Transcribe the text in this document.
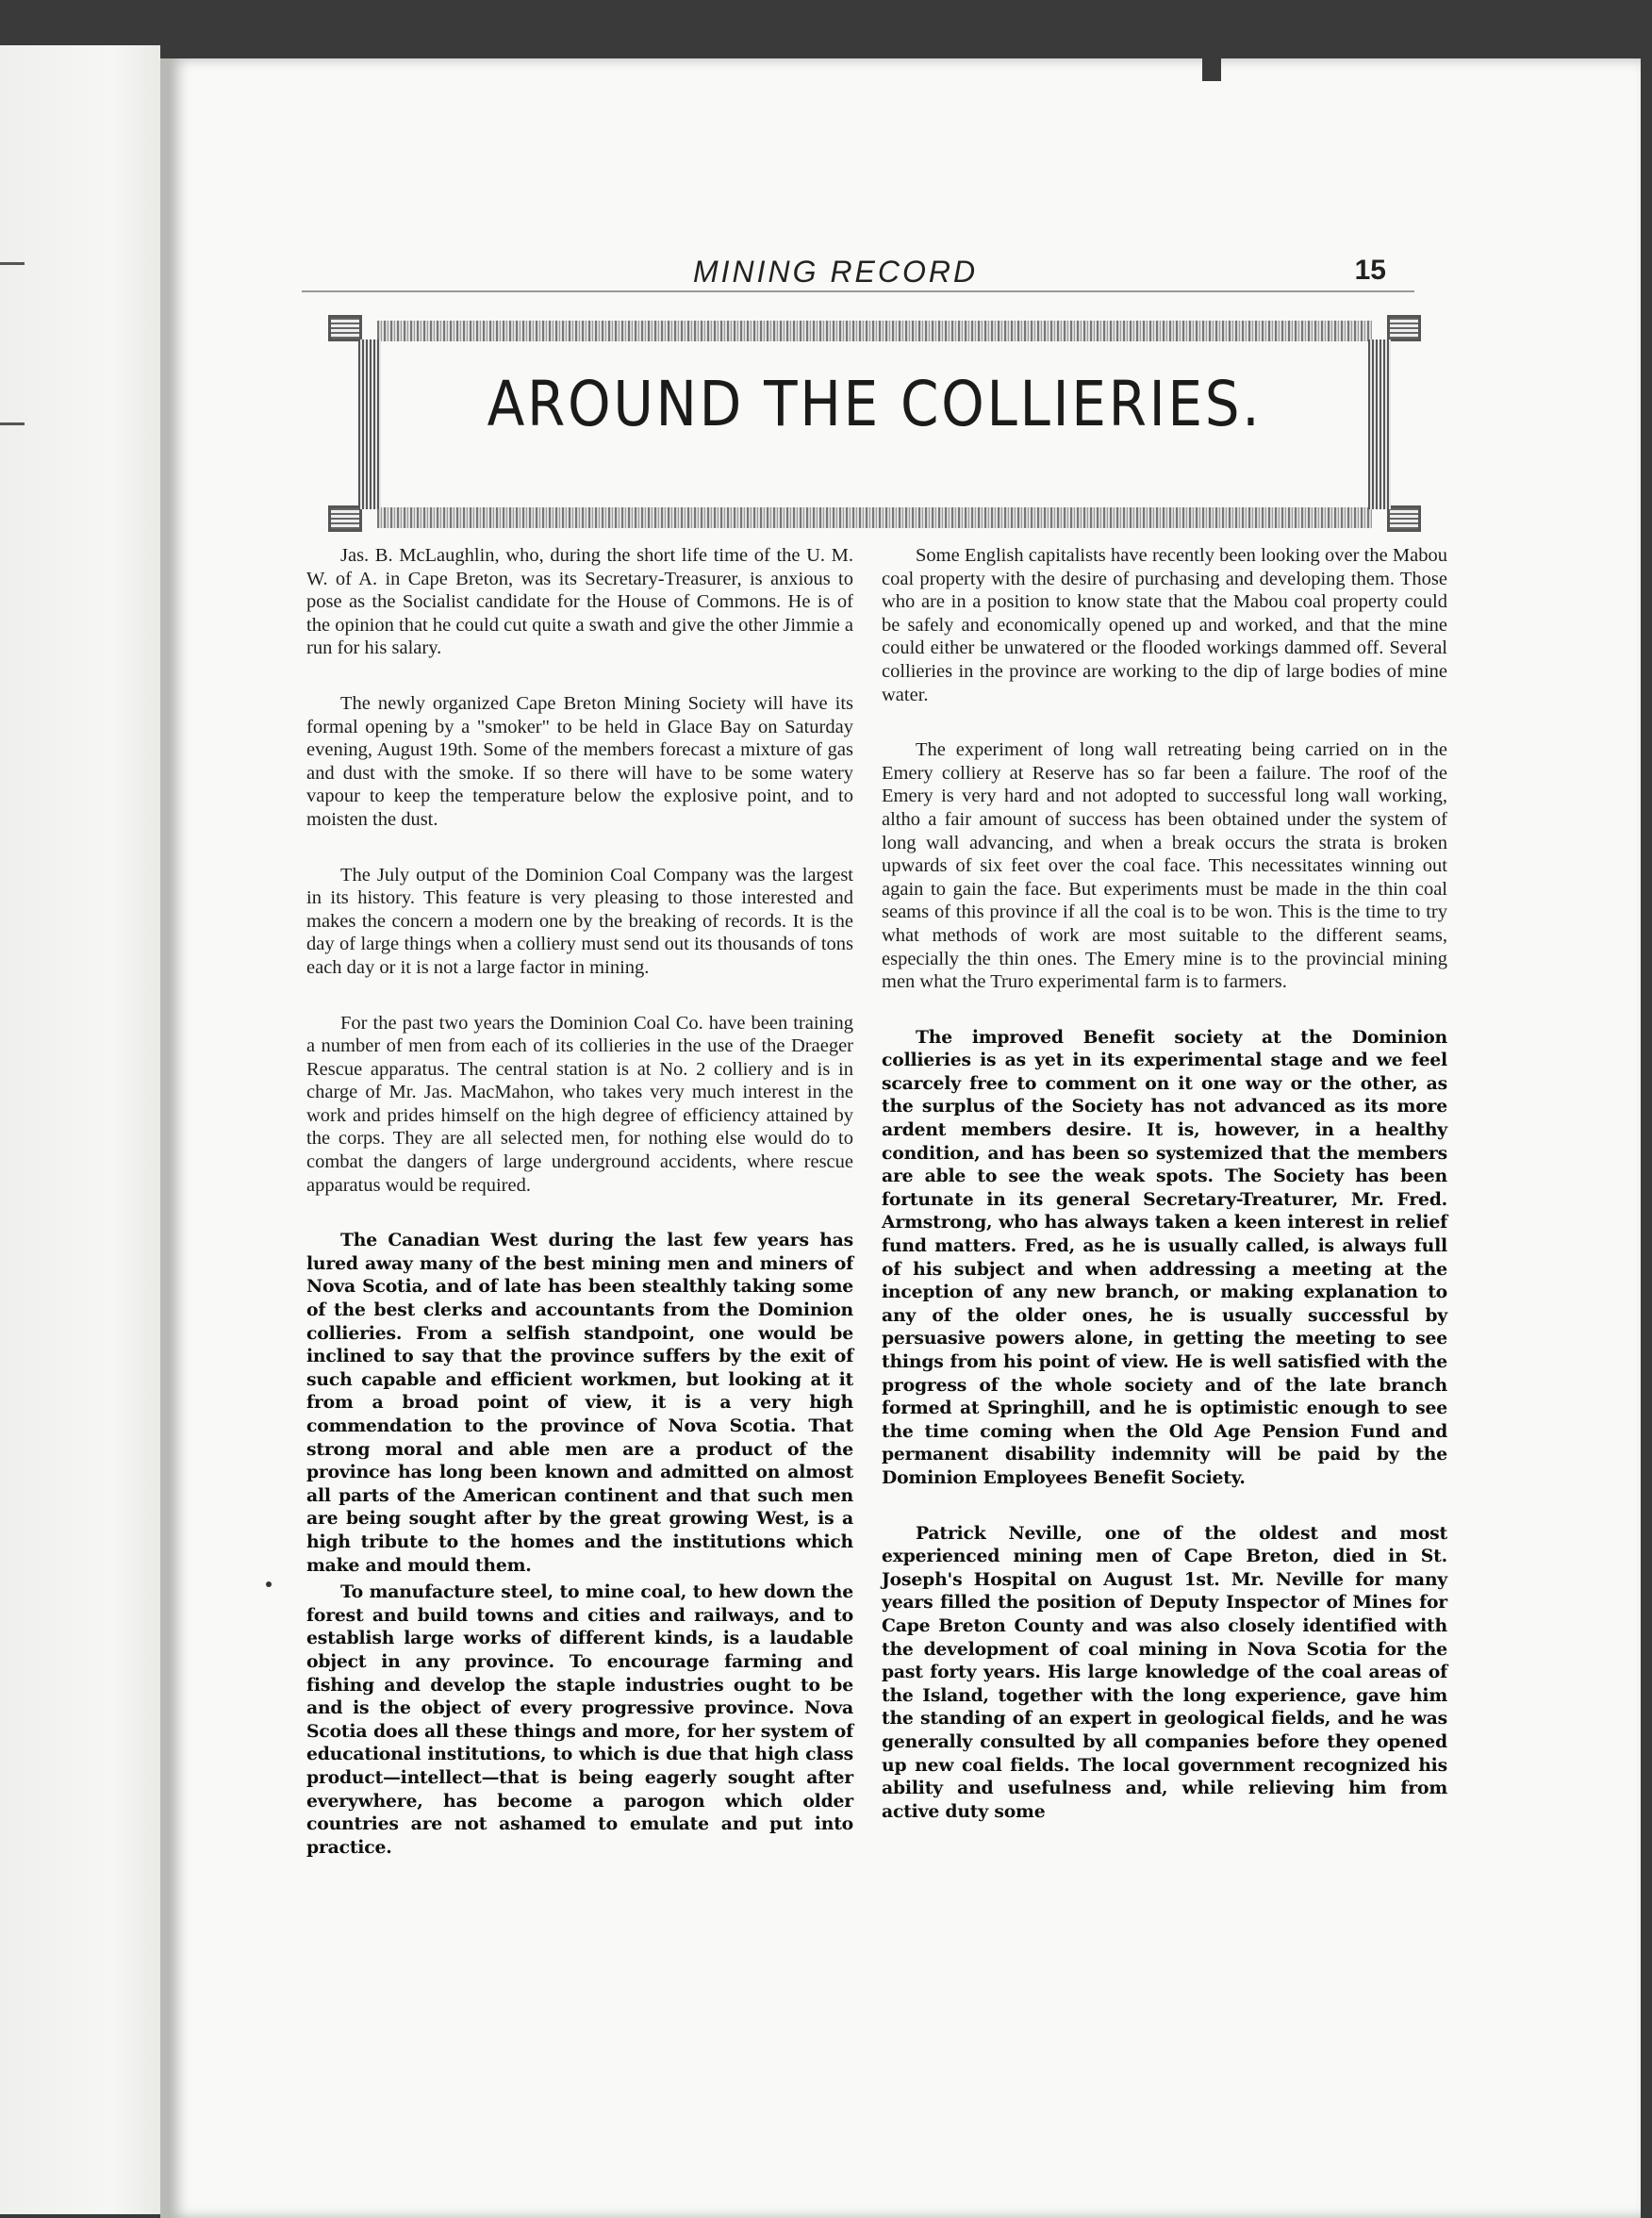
MINING RECORD	15
AROUND THE COLLIERIES.

Jas. B. McLaughlin, who, during the short life time of the U. M. W. of A. in Cape Breton, was its Secretary-Treasurer, is anxious to pose as the Socialist candidate for the House of Commons. He is of the opinion that he could cut quite a swath and give the other Jimmie a run for his salary.

The newly organized Cape Breton Mining Society will have its formal opening by a "smoker" to be held in Glace Bay on Saturday evening, August 19th. Some of the members forecast a mixture of gas and dust with the smoke. If so there will have to be some watery vapour to keep the temperature below the explosive point, and to moisten the dust.

The July output of the Dominion Coal Company was the largest in its history. This feature is very pleasing to those interested and makes the concern a modern one by the breaking of records. It is the day of large things when a colliery must send out its thousands of tons each day or it is not a large factor in mining.

For the past two years the Dominion Coal Co. have been training a number of men from each of its collieries in the use of the Draeger Rescue apparatus. The central station is at No. 2 colliery and is in charge of Mr. Jas. MacMahon, who takes very much interest in the work and prides himself on the high degree of efficiency attained by the corps. They are all selected men, for nothing else would do to combat the dangers of large underground accidents, where rescue apparatus would be required.

The Canadian West during the last few years has lured away many of the best mining men and miners of Nova Scotia, and of late has been stealthly taking some of the best clerks and accountants from the Dominion collieries. From a selfish standpoint, one would be inclined to say that the province suffers by the exit of such capable and efficient workmen, but looking at it from a broad point of view, it is a very high commendation to the province of Nova Scotia. That strong moral and able men are a product of the province has long been known and admitted on almost all parts of the American continent and that such men are being sought after by the great growing West, is a high tribute to the homes and the institutions which make and mould them.

To manufacture steel, to mine coal, to hew down the forest and build towns and cities and railways, and to establish large works of different kinds, is a laudable object in any province. To encourage farming and fishing and develop the staple industries ought to be and is the object of every progressive province. Nova Scotia does all these things and more, for her system of educational institutions, to which is due that high class product—intellect—that is being eagerly sought after everywhere, has become a parogon which older countries are not ashamed to emulate and put into practice.

Some English capitalists have recently been looking over the Mabou coal property with the desire of purchasing and developing them. Those who are in a position to know state that the Mabou coal property could be safely and economically opened up and worked, and that the mine could either be unwatered or the flooded workings dammed off. Several collieries in the province are working to the dip of large bodies of mine water.

The experiment of long wall retreating being carried on in the Emery colliery at Reserve has so far been a failure. The roof of the Emery is very hard and not adopted to successful long wall working, altho a fair amount of success has been obtained under the system of long wall advancing, and when a break occurs the strata is broken upwards of six feet over the coal face. This necessitates winning out again to gain the face. But experiments must be made in the thin coal seams of this province if all the coal is to be won. This is the time to try what methods of work are most suitable to the different seams, especially the thin ones. The Emery mine is to the provincial mining men what the Truro experimental farm is to farmers.

The improved Benefit society at the Dominion collieries is as yet in its experimental stage and we feel scarcely free to comment on it one way or the other, as the surplus of the Society has not advanced as its more ardent members desire. It is, however, in a healthy condition, and has been so systemized that the members are able to see the weak spots. The Society has been fortunate in its general Secretary-Treaturer, Mr. Fred. Armstrong, who has always taken a keen interest in relief fund matters. Fred, as he is usually called, is always full of his subject and when addressing a meeting at the inception of any new branch, or making explanation to any of the older ones, he is usually successful by persuasive powers alone, in getting the meeting to see things from his point of view. He is well satisfied with the progress of the whole society and of the late branch formed at Springhill, and he is optimistic enough to see the time coming when the Old Age Pension Fund and permanent disability indemnity will be paid by the Dominion Employees Benefit Society.

Patrick Neville, one of the oldest and most experienced mining men of Cape Breton, died in St. Joseph's Hospital on August 1st. Mr. Neville for many years filled the position of Deputy Inspector of Mines for Cape Breton County and was also closely identified with the development of coal mining in Nova Scotia for the past forty years. His large knowledge of the coal areas of the Island, together with the long experience, gave him the standing of an expert in geological fields, and he was generally consulted by all companies before they opened up new coal fields. The local government recognized his ability and usefulness and, while relieving him from active duty some
